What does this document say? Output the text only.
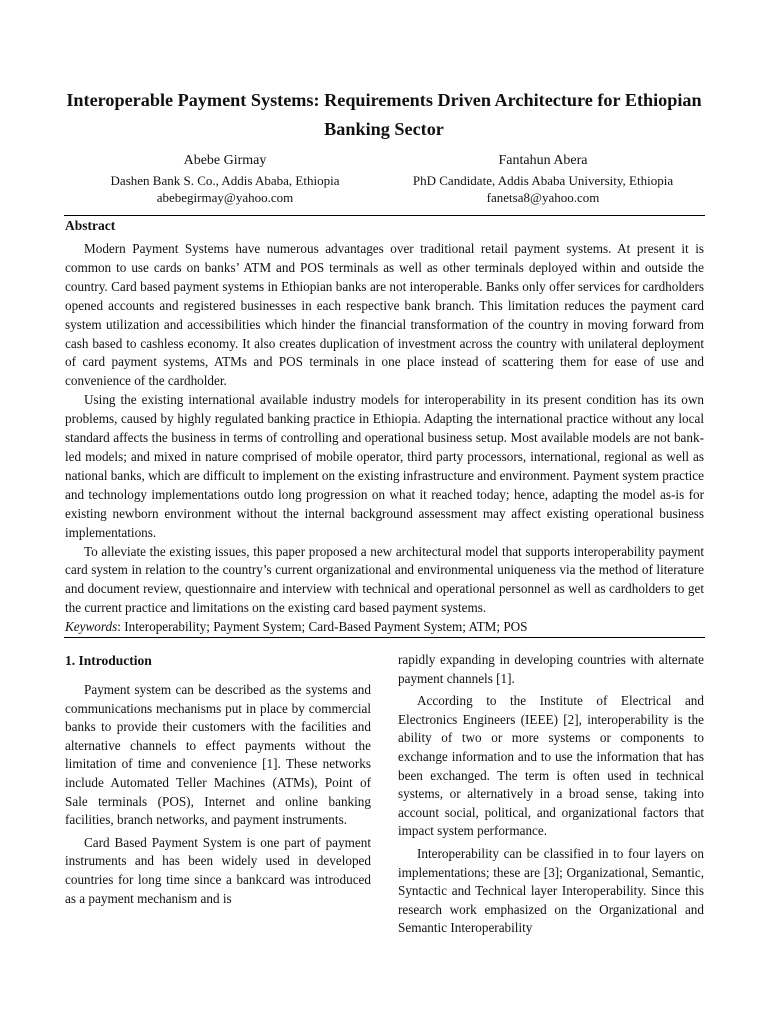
Interoperable Payment Systems: Requirements Driven Architecture for Ethiopian Banking Sector
Abebe Girmay
Dashen Bank S. Co., Addis Ababa, Ethiopia
abebegirmay@yahoo.com
Fantahun Abera
PhD Candidate, Addis Ababa University, Ethiopia
fanetsa8@yahoo.com
Abstract

Modern Payment Systems have numerous advantages over traditional retail payment systems. At present it is common to use cards on banks’ ATM and POS terminals as well as other terminals deployed within and outside the country. Card based payment systems in Ethiopian banks are not interoperable. Banks only offer services for cardholders opened accounts and registered businesses in each respective bank branch. This limitation reduces the payment card system utilization and accessibilities which hinder the financial transformation of the country in moving forward from cash based to cashless economy. It also creates duplication of investment across the country with unilateral deployment of card payment systems, ATMs and POS terminals in one place instead of scattering them for ease of use and convenience of the cardholder.

Using the existing international available industry models for interoperability in its present condition has its own problems, caused by highly regulated banking practice in Ethiopia. Adapting the international practice without any local standard affects the business in terms of controlling and operational business setup. Most available models are not bank-led models; and mixed in nature comprised of mobile operator, third party processors, international, regional as well as national banks, which are difficult to implement on the existing infrastructure and environment. Payment system practice and technology implementations outdo long progression on what it reached today; hence, adapting the model as-is for existing newborn environment without the internal background assessment may affect existing operational business implementations.

To alleviate the existing issues, this paper proposed a new architectural model that supports interoperability payment card system in relation to the country’s current organizational and environmental uniqueness via the method of literature and document review, questionnaire and interview with technical and operational personnel as well as cardholders to get the current practice and limitations on the existing card based payment systems.

Keywords: Interoperability; Payment System; Card-Based Payment System; ATM; POS

1. Introduction

Payment system can be described as the systems and communications mechanisms put in place by commercial banks to provide their customers with the facilities and alternative channels to effect payments without the limitation of time and convenience [1]. These networks include Automated Teller Machines (ATMs), Point of Sale terminals (POS), Internet and online banking facilities, branch networks, and payment instruments.

Card Based Payment System is one part of payment instruments and has been widely used in developed countries for long time since a bankcard was introduced as a payment mechanism and is

rapidly expanding in developing countries with alternate payment channels [1].

According to the Institute of Electrical and Electronics Engineers (IEEE) [2], interoperability is the ability of two or more systems or components to exchange information and to use the information that has been exchanged. The term is often used in technical systems, or alternatively in a broad sense, taking into account social, political, and organizational factors that impact system performance.

Interoperability can be classified in to four layers on implementations; these are [3]; Organizational, Semantic, Syntactic and Technical layer Interoperability. Since this research work emphasized on the Organizational and Semantic Interoperability
